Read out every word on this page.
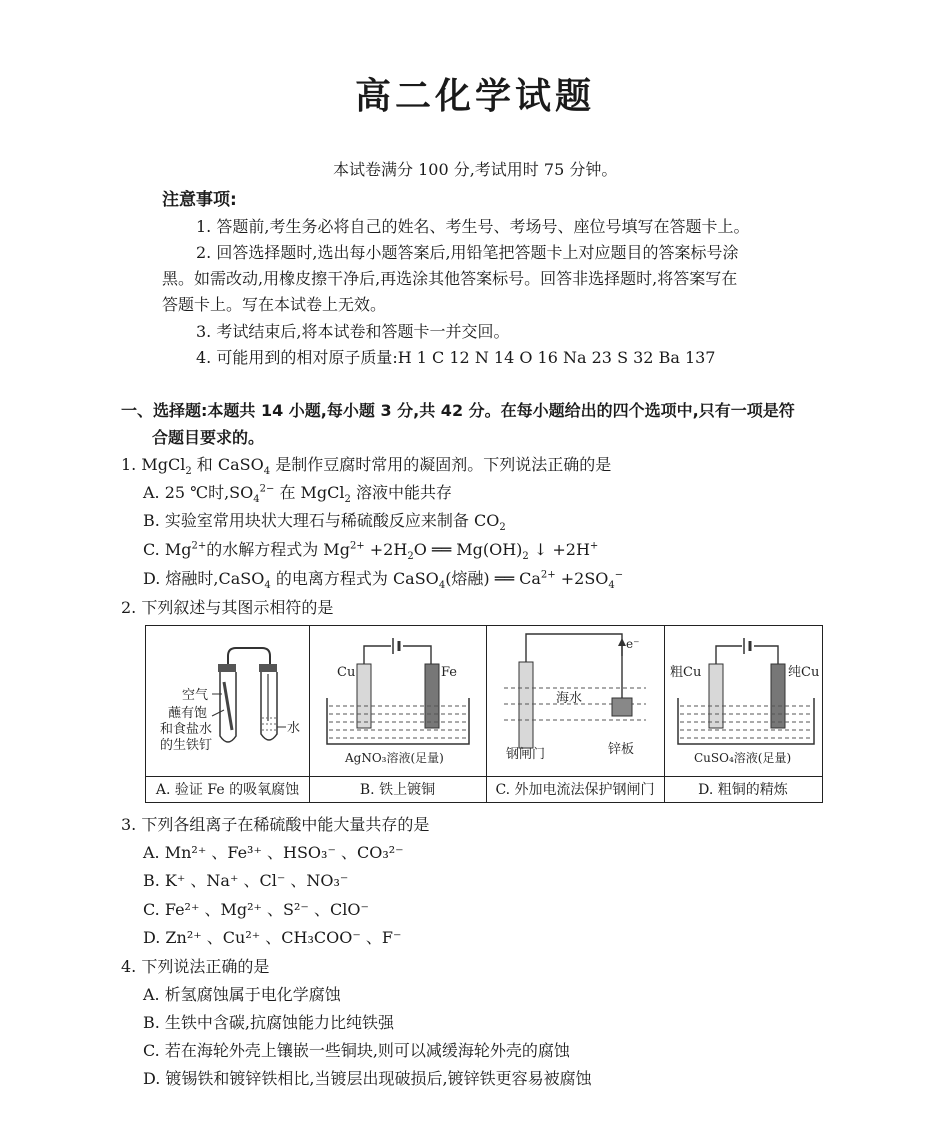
高二化学试题
本试卷满分 100 分,考试用时 75 分钟。
注意事项:
1. 答题前,考生务必将自己的姓名、考生号、考场号、座位号填写在答题卡上。
2. 回答选择题时,选出每小题答案后,用铅笔把答题卡上对应题目的答案标号涂
黑。如需改动,用橡皮擦干净后,再选涂其他答案标号。回答非选择题时,将答案写在
答题卡上。写在本试卷上无效。
3. 考试结束后,将本试卷和答题卡一并交回。
4. 可能用到的相对原子质量:H 1 C 12 N 14 O 16 Na 23 S 32 Ba 137
一、选择题:本题共 14 小题,每小题 3 分,共 42 分。在每小题给出的四个选项中,只有一项是符
合题目要求的。
1. MgCl$_2$ 和 CaSO$_4$ 是制作豆腐时常用的凝固剂。下列说法正确的是
A. 25 ℃时$,SO_4^{2-}$ 在 MgCl$_2$ 溶液中能共存
B. 实验室常用块状大理石与稀硫酸反应来制备 $CO_2$
C. $Mg^{2+}$的水解方程式为 $Mg^{2+} +2H_2O$ ══ $Mg(OH)_2$ ↓ +2H+
D. 熔融时,CaSO$_4$ 的电离方程式为 CaSO$_4$(熔融) ══ $Ca^{2+} +2SO_4^-$
2. 下列叙述与其图示相符的是
空气
蘸有饱
和食盐水
的生铁钉
水
Cu	Fe
AgNO₃溶液(足量)
e⁻
海水
钢闸门	锌板
粗Cu	纯Cu
CuSO₄溶液(足量)
A. 验证 Fe 的吸氧腐蚀	B. 铁上镀铜	C. 外加电流法保护钢闸门	D. 粗铜的精炼
3. 下列各组离子在稀硫酸中能大量共存的是
A. Mn²⁺ 、Fe³⁺ 、HSO₃⁻ 、CO₃²⁻
B. K⁺ 、Na⁺ 、Cl⁻ 、NO₃⁻
C. Fe²⁺ 、Mg²⁺ 、S²⁻ 、ClO⁻
D. Zn²⁺ 、Cu²⁺ 、CH₃COO⁻ 、F⁻
4. 下列说法正确的是
A. 析氢腐蚀属于电化学腐蚀
B. 生铁中含碳,抗腐蚀能力比纯铁强
C. 若在海轮外壳上镶嵌一些铜块,则可以减缓海轮外壳的腐蚀
D. 镀锡铁和镀锌铁相比,当镀层出现破损后,镀锌铁更容易被腐蚀
